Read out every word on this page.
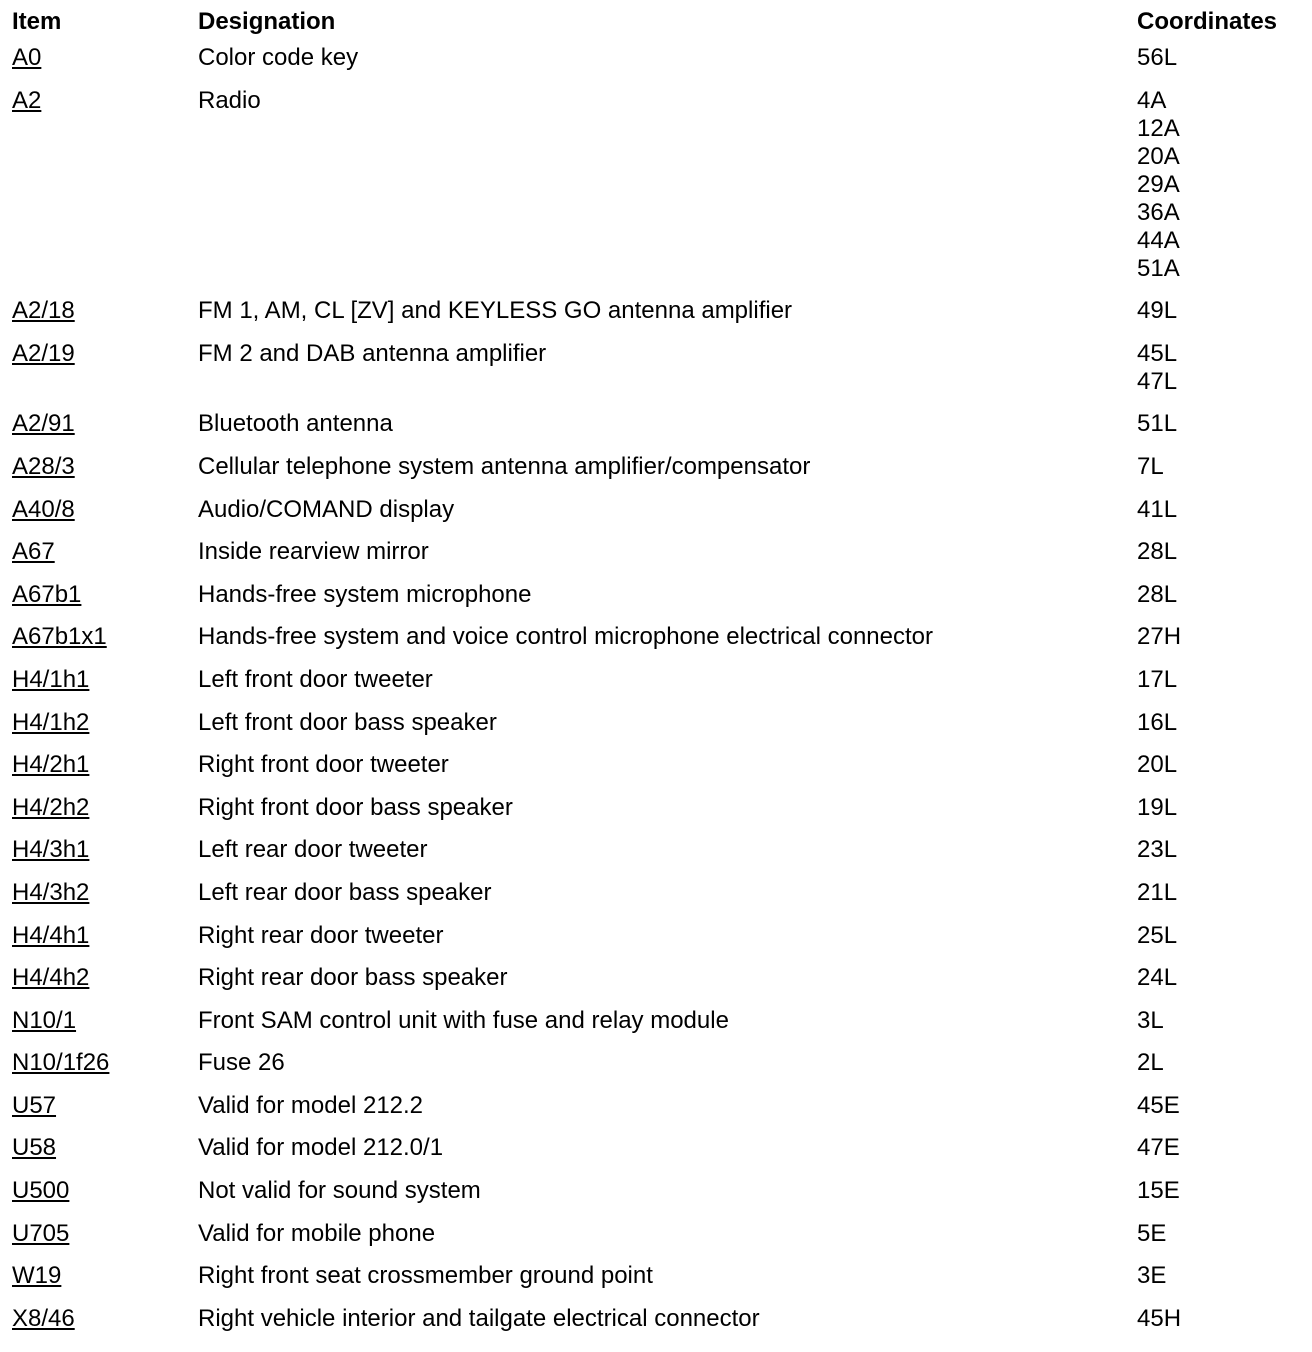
Item	Designation	Coordinates
A0	Color code key	56L
A2	Radio	4A
12A
20A
29A
36A
44A
51A
A2/18	FM 1, AM, CL [ZV] and KEYLESS GO antenna amplifier	49L
A2/19	FM 2 and DAB antenna amplifier	45L
47L
A2/91	Bluetooth antenna	51L
A28/3	Cellular telephone system antenna amplifier/compensator	7L
A40/8	Audio/COMAND display	41L
A67	Inside rearview mirror	28L
A67b1	Hands-free system microphone	28L
A67b1x1	Hands-free system and voice control microphone electrical connector	27H
H4/1h1	Left front door tweeter	17L
H4/1h2	Left front door bass speaker	16L
H4/2h1	Right front door tweeter	20L
H4/2h2	Right front door bass speaker	19L
H4/3h1	Left rear door tweeter	23L
H4/3h2	Left rear door bass speaker	21L
H4/4h1	Right rear door tweeter	25L
H4/4h2	Right rear door bass speaker	24L
N10/1	Front SAM control unit with fuse and relay module	3L
N10/1f26	Fuse 26	2L
U57	Valid for model 212.2	45E
U58	Valid for model 212.0/1	47E
U500	Not valid for sound system	15E
U705	Valid for mobile phone	5E
W19	Right front seat crossmember ground point	3E
X8/46	Right vehicle interior and tailgate electrical connector	45H
